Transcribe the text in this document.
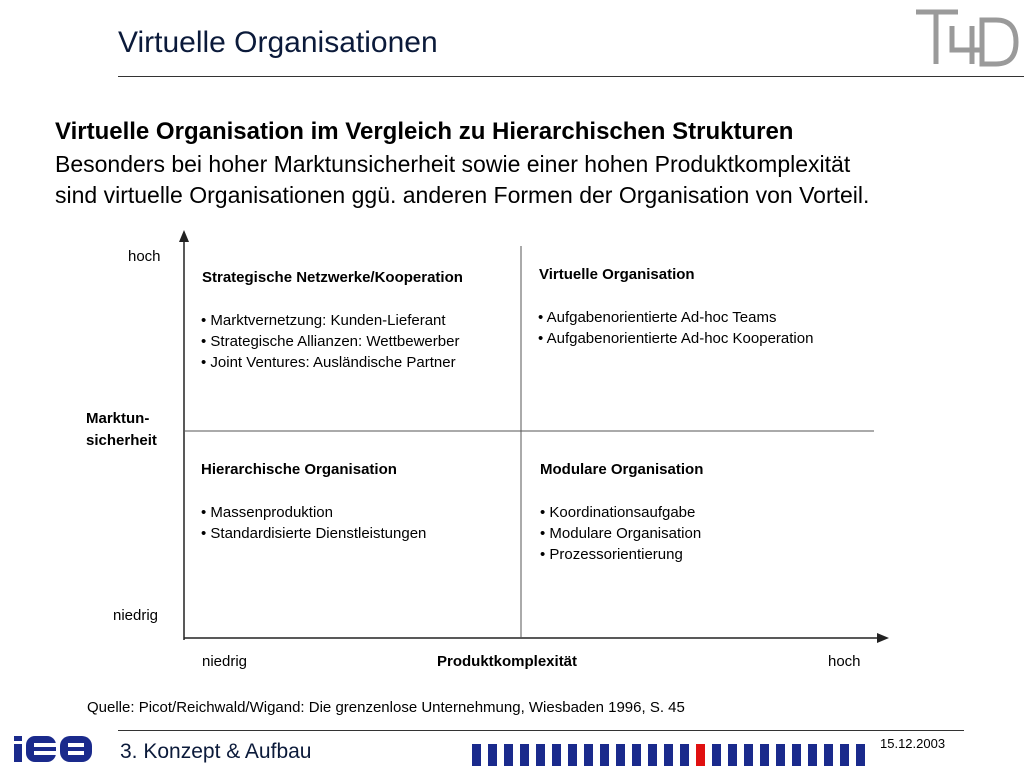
Virtuelle Organisationen
Virtuelle Organisation im Vergleich zu Hierarchischen Strukturen
Besonders bei hoher Marktunsicherheit sowie einer hohen Produktkomplexität
sind virtuelle Organisationen ggü. anderen Formen der Organisation von Vorteil.
hoch
niedrig
Marktun-
sicherheit
niedrig	Produktkomplexität	hoch
Strategische Netzwerke/Kooperation
• Marktvernetzung: Kunden-Lieferant
• Strategische Allianzen: Wettbewerber
• Joint Ventures: Ausländische Partner
Virtuelle Organisation
• Aufgabenorientierte Ad-hoc Teams
• Aufgabenorientierte Ad-hoc Kooperation
Hierarchische Organisation
• Massenproduktion
• Standardisierte Dienstleistungen
Modulare Organisation
• Koordinationsaufgabe
• Modulare Organisation
• Prozessorientierung
Quelle: Picot/Reichwald/Wigand: Die grenzenlose Unternehmung, Wiesbaden 1996, S. 45
3. Konzept & Aufbau	15.12.2003
